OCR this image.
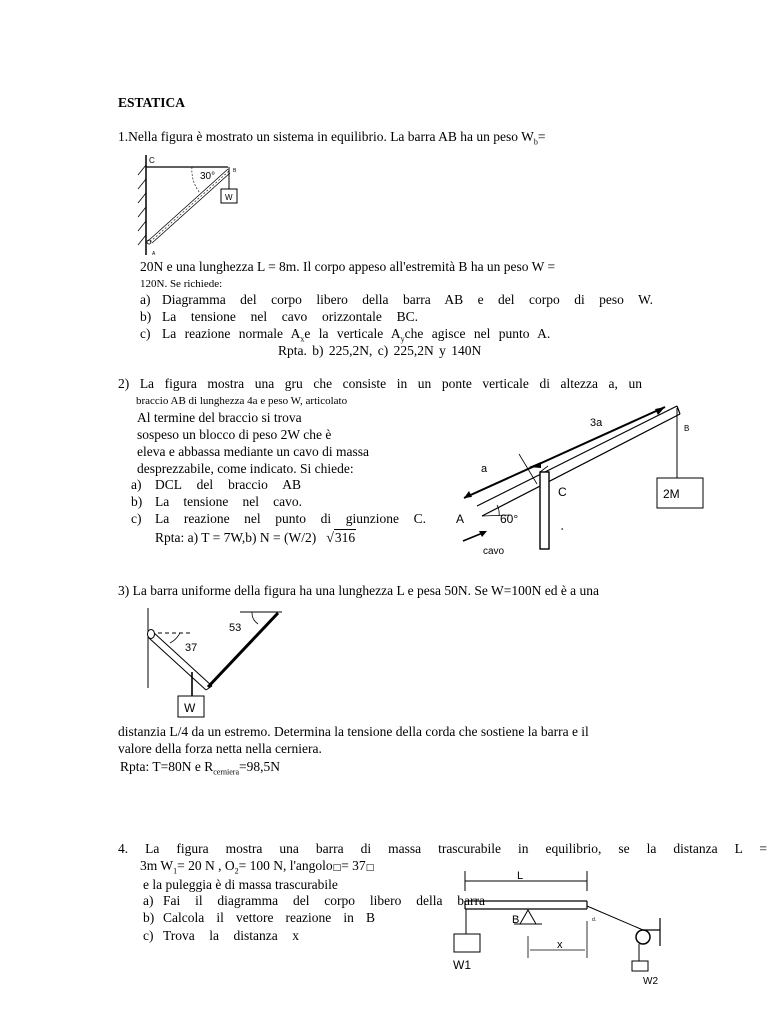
ESTATICA
1.Nella figura è mostrato un sistema in equilibrio. La barra AB ha un peso $W_b=$
C
B
A
30°
W
20N e una lunghezza L = 8m. Il corpo appeso all'estremità B ha un peso W =
120N. Se richiede:
a) Diagramma del corpo libero della barra AB e del corpo di peso W.
b) La tensione nel cavo orizzontale BC.
c) La reazione normale $A_xe$ la verticale $A_yche$ agisce nel punto A.
Rpta. b) 225,2N, c) 225,2N y 140N
2) La figura mostra una gru che consiste in un ponte verticale di altezza a, un
braccio AB di lunghezza 4a e peso W, articolato
Al termine del braccio si trova
sospeso un blocco di peso 2W che è
eleva e abbassa mediante un cavo di massa
desprezzabile, come indicato. Si chiede:
a) DCL del braccio AB
b) La tensione nel cavo.
c) La reazione nel punto di giunzione C.
Rpta: a) T = 7W,b) N = (W/2) √316
3a	B
a
C
A	60°
cavo
2M
a
3) La barra uniforme della figura ha una lunghezza L e pesa 50N. Se W=100N ed è a una
53
37
W
distanzia L/4 da un estremo. Determina la tensione della corda che sostiene la barra e il
valore della forza netta nella cerniera.
Rpta: T=80N e $R_{cerniera}=98,5N$
4. La figura mostra una barra di massa trascurabile in equilibrio, se la distanza L =
3m $W_1= 20$ N , $O_2= 100$ N, l'angolo□= 37□
e la puleggia è di massa trascurabile
a) Fai il diagramma del corpo libero della barra
b) Calcola il vettore reazione in B
c) Trova la distanza x
L
B
x
W1
W2
d.
